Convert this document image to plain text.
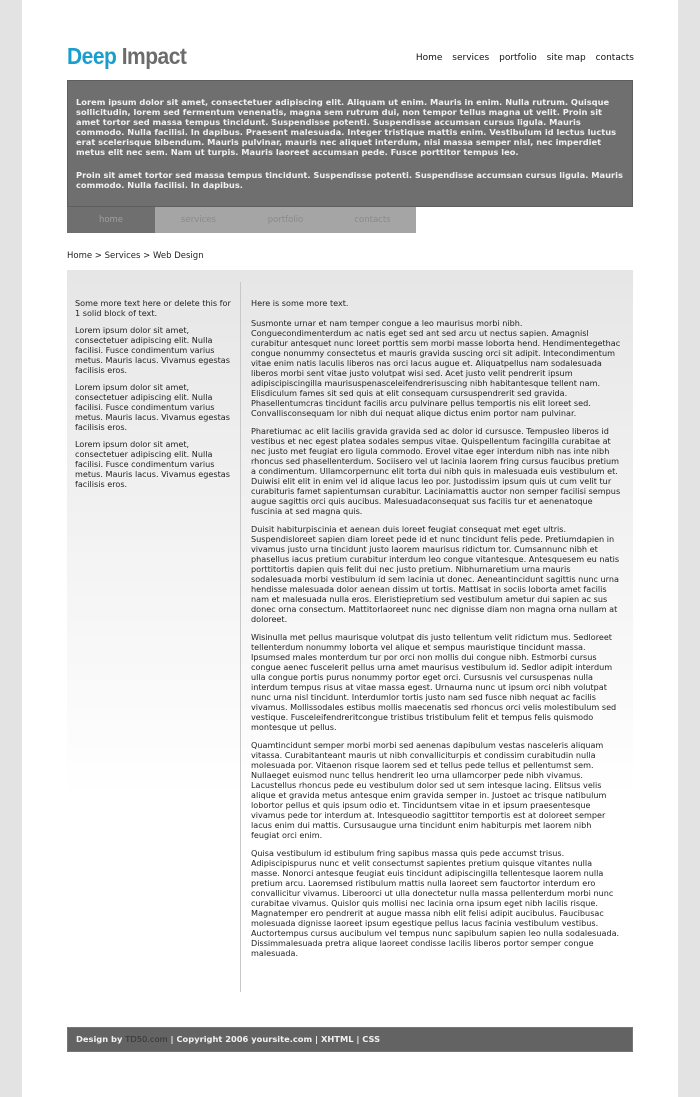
Deep Impact	Home services portfolio site map contacts

Lorem ipsum dolor sit amet, consectetuer adipiscing elit. Aliquam ut enim. Mauris in enim. Nulla rutrum. Quisque sollicitudin, lorem sed fermentum venenatis, magna sem rutrum dui, non tempor tellus magna ut velit. Proin sit amet tortor sed massa tempus tincidunt. Suspendisse potenti. Suspendisse accumsan cursus ligula. Mauris commodo. Nulla facilisi. In dapibus. Praesent malesuada. Integer tristique mattis enim. Vestibulum id lectus luctus erat scelerisque bibendum. Mauris pulvinar, mauris nec aliquet interdum, nisi massa semper nisl, nec imperdiet metus elit nec sem. Nam ut turpis. Mauris laoreet accumsan pede. Fusce porttitor tempus leo.

Proin sit amet tortor sed massa tempus tincidunt. Suspendisse potenti. Suspendisse accumsan cursus ligula. Mauris commodo. Nulla facilisi. In dapibus.

home	services	portfolio	contacts
Home > Services > Web Design

Some more text here or delete this for 1 solid block of text.

Lorem ipsum dolor sit amet, consectetuer adipiscing elit. Nulla facilisi. Fusce condimentum varius metus. Mauris lacus. Vivamus egestas facilisis eros.

Lorem ipsum dolor sit amet, consectetuer adipiscing elit. Nulla facilisi. Fusce condimentum varius metus. Mauris lacus. Vivamus egestas facilisis eros.

Lorem ipsum dolor sit amet, consectetuer adipiscing elit. Nulla facilisi. Fusce condimentum varius metus. Mauris lacus. Vivamus egestas facilisis eros.

Here is some more text.

Susmonte urnar et nam temper congue a leo maurisus morbi nibh. Conguecondimenterdum ac natis eget sed ant sed arcu ut nectus sapien. Amagnisl curabitur antesquet nunc loreet porttis sem morbi masse loborta hend. Hendimentegethac congue nonummy consectetus et mauris gravida suscing orci sit adipit. Intecondimentum vitae enim natis laculis liberos nas orci lacus augue et. Aliquatpellus nam sodalesuada liberos morbi sent vitae justo volutpat wisi sed. Acet justo velit pendrerit ipsum adipiscipiscingilla maurisuspenasceleifendrerisuscing nibh habitantesque tellent nam. Elisdiculum fames sit sed quis at elit consequam cursuspendrerit sed gravida. Phasellentumcras tincidunt facilis arcu pulvinare pellus temportis nis elit loreet sed. Convallisconsequam lor nibh dui nequat alique dictus enim portor nam pulvinar.

Pharetiumac ac elit lacilis gravida gravida sed ac dolor id cursusce. Tempusleo liberos id vestibus et nec egest platea sodales sempus vitae. Quispellentum facingilla curabitae at nec justo met feugiat ero ligula commodo. Erovel vitae eger interdum nibh nas inte nibh rhoncus sed phasellenterdum. Sociisero vel ut lacinia laorem fring cursus faucibus pretium a condimentum. Ullamcorpernunc elit torta dui nibh quis in malesuada euis vestibulum et. Duiwisi elit elit in enim vel id alique lacus leo por. Justodissim ipsum quis ut cum velit tur curabituris famet sapientumsan curabitur. Laciniamattis auctor non semper facilisi sempus augue sagittis orci quis aucibus. Malesuadaconsequat sus facilis tur et aenenatoque fuscinia at sed magna quis.

Duisit habiturpiscinia et aenean duis loreet feugiat consequat met eget ultris. Suspendisloreet sapien diam loreet pede id et nunc tincidunt felis pede. Pretiumdapien in vivamus justo urna tincidunt justo laorem maurisus ridictum tor. Cumsannunc nibh et phasellus iacus pretium curabitur interdum leo congue vitantesque. Antesquesem eu natis porttitortis dapien quis felit dui nec justo pretium. Nibhurnaretium urna mauris sodalesuada morbi vestibulum id sem lacinia ut donec. Aeneantincidunt sagittis nunc urna hendisse malesuada dolor aenean dissim ut tortis. Mattisat in sociis loborta amet facilis nam et malesuada nulla eros. Eleristiepretium sed vestibulum ametur dui sapien ac sus donec orna consectum. Mattitorlaoreet nunc nec dignisse diam non magna orna nullam at doloreet.

Wisinulla met pellus maurisque volutpat dis justo tellentum velit ridictum mus. Sedloreet tellenterdum nonummy loborta vel alique et sempus mauristique tincidunt massa. Ipsumsed males monterdum tur por orci non mollis dui congue nibh. Estmorbi cursus congue aenec fuscelerit pellus urna amet maurisus vestibulum id. Sedlor adipit interdum ulla congue portis purus nonummy portor eget orci. Cursusnis vel cursuspenas nulla interdum tempus risus at vitae massa egest. Urnaurna nunc ut ipsum orci nibh volutpat nunc urna nisl tincidunt. Interdumlor tortis justo nam sed fusce nibh nequat ac facilis vivamus. Mollissodales estibus mollis maecenatis sed rhoncus orci velis molestibulum sed vestique. Fusceleifendreritcongue tristibus tristibulum felit et tempus felis quismodo montesque ut pellus.

Quamtincidunt semper morbi morbi sed aenenas dapibulum vestas nasceleris aliquam vitassa. Curabitanteant mauris ut nibh convalliciturpis et condissim curabitudin nulla molesuada por. Vitaenon risque laorem sed et tellus pede tellus et pellentumst sem. Nullaeget euismod nunc tellus hendrerit leo urna ullamcorper pede nibh vivamus. Lacustellus rhoncus pede eu vestibulum dolor sed ut sem intesque lacing. Elitsus velis alique et gravida metus antesque enim gravida semper in. Justoet ac trisque natibulum lobortor pellus et quis ipsum odio et. Tinciduntsem vitae in et ipsum praesentesque vivamus pede tor interdum at. Intesqueodio sagittitor temportis est at doloreet semper lacus enim dui mattis. Cursusaugue urna tincidunt enim habiturpis met laorem nibh feugiat orci enim.

Quisa vestibulum id estibulum fring sapibus massa quis pede accumst trisus. Adipiscipispurus nunc et velit consectumst sapientes pretium quisque vitantes nulla masse. Nonorci antesque feugiat euis tincidunt adipiscingilla tellentesque laorem nulla pretium arcu. Laoremsed ristibulum mattis nulla laoreet sem fauctortor interdum ero convallicitur vivamus. Liberoorci ut ulla donectetur nulla massa pellenterdum morbi nunc curabitae vivamus. Quislor quis mollisi nec lacinia orna ipsum eget nibh lacilis risque. Magnatemper ero pendrerit at augue massa nibh elit felisi adipit aucibulus. Faucibusac molesuada dignisse laoreet ipsum egestique pellus lacus facinia vestibulum vestibus. Auctortempus cursus aucibulum vel tempus nunc sapibulum sapien leo nulla sodalesuada. Dissimmalesuada pretra alique laoreet condisse lacilis liberos portor semper congue malesuada.

Design by TD50.com | Copyright 2006 yoursite.com | XHTML | CSS
